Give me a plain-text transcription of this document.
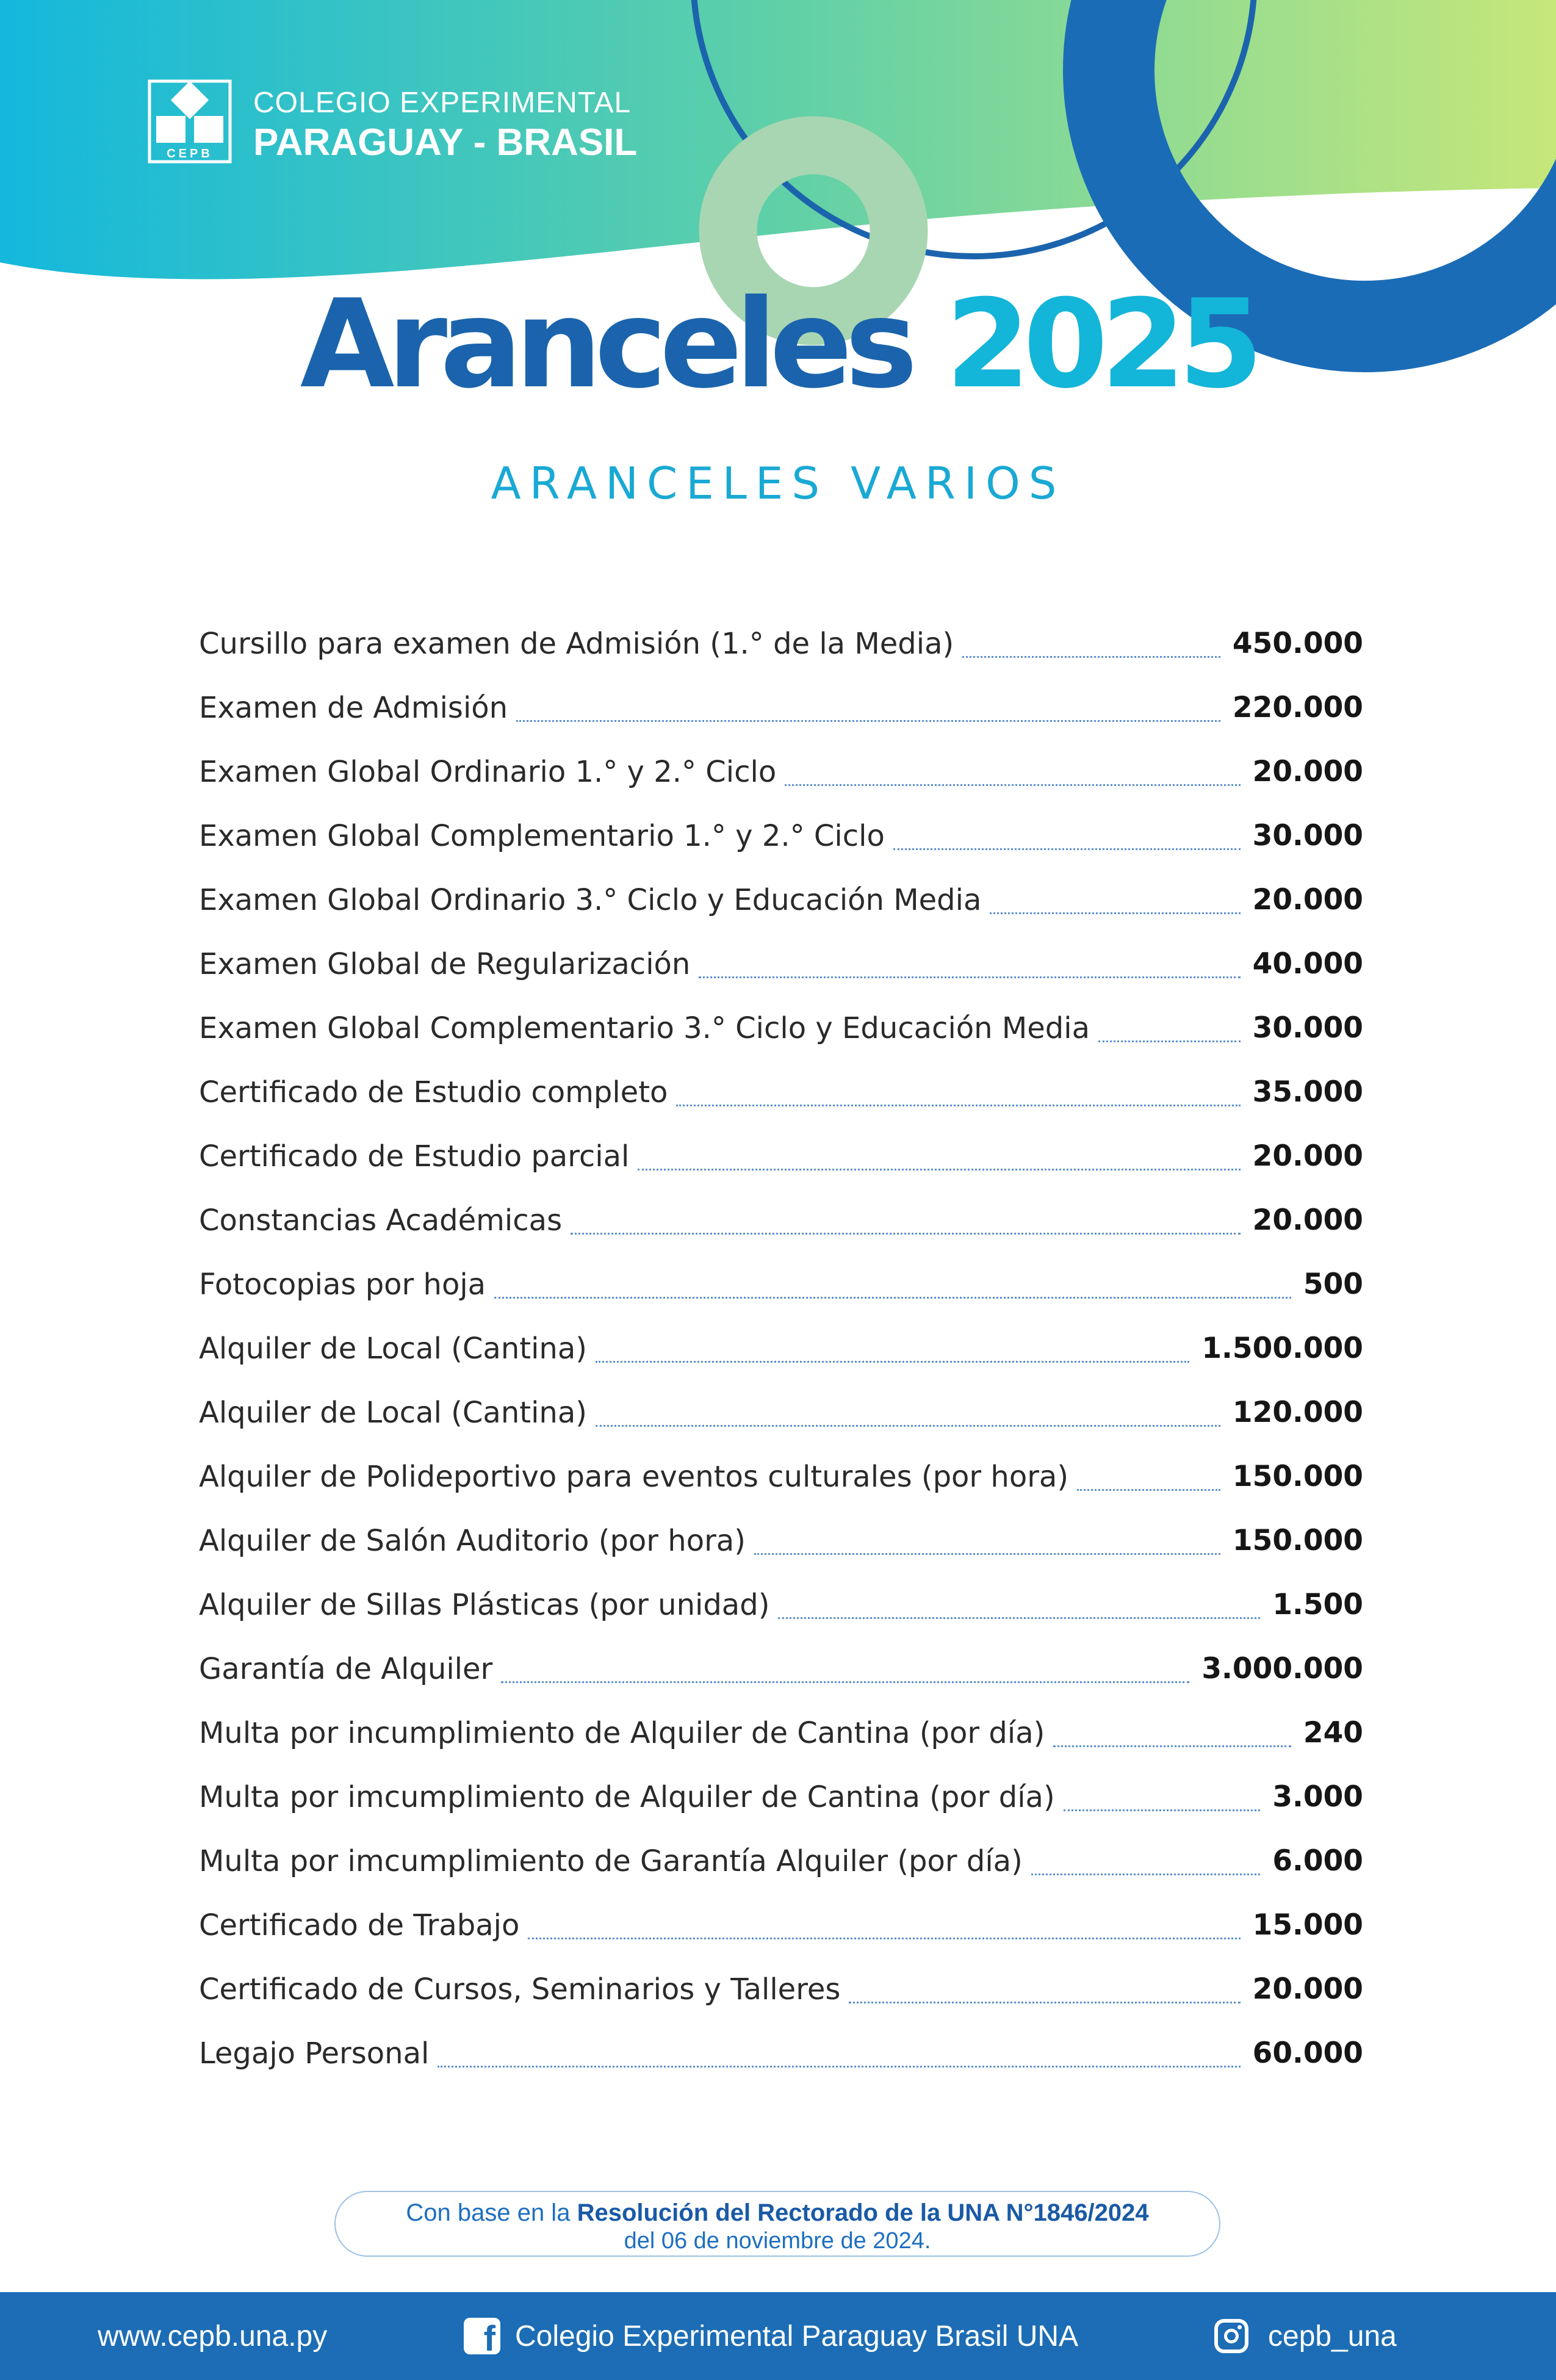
CEPB
COLEGIO EXPERIMENTAL
PARAGUAY - BRASIL
Aranceles 2025
ARANCELES VARIOS
Cursillo para examen de Admisión (1.° de la Media)	450.000
Examen de Admisión	220.000
Examen Global Ordinario 1.° y 2.° Ciclo	20.000
Examen Global Complementario 1.° y 2.° Ciclo	30.000
Examen Global Ordinario 3.° Ciclo y Educación Media	20.000
Examen Global de Regularización	40.000
Examen Global Complementario 3.° Ciclo y Educación Media	30.000
Certificado de Estudio completo	35.000
Certificado de Estudio parcial	20.000
Constancias Académicas	20.000
Fotocopias por hoja	500
Alquiler de Local (Cantina)	1.500.000
Alquiler de Local (Cantina)	120.000
Alquiler de Polideportivo para eventos culturales (por hora)	150.000
Alquiler de Salón Auditorio (por hora)	150.000
Alquiler de Sillas Plásticas (por unidad)	1.500
Garantía de Alquiler	3.000.000
Multa por incumplimiento de Alquiler de Cantina (por día)	240
Multa por imcumplimiento de Alquiler de Cantina (por día)	3.000
Multa por imcumplimiento de Garantía Alquiler (por día)	6.000
Certificado de Trabajo	15.000
Certificado de Cursos, Seminarios y Talleres	20.000
Legajo Personal	60.000
Con base en la Resolución del Rectorado de la UNA N°1846/2024
del 06 de noviembre de 2024.
www.cepb.una.py	f Colegio Experimental Paraguay Brasil UNA	cepb_una
